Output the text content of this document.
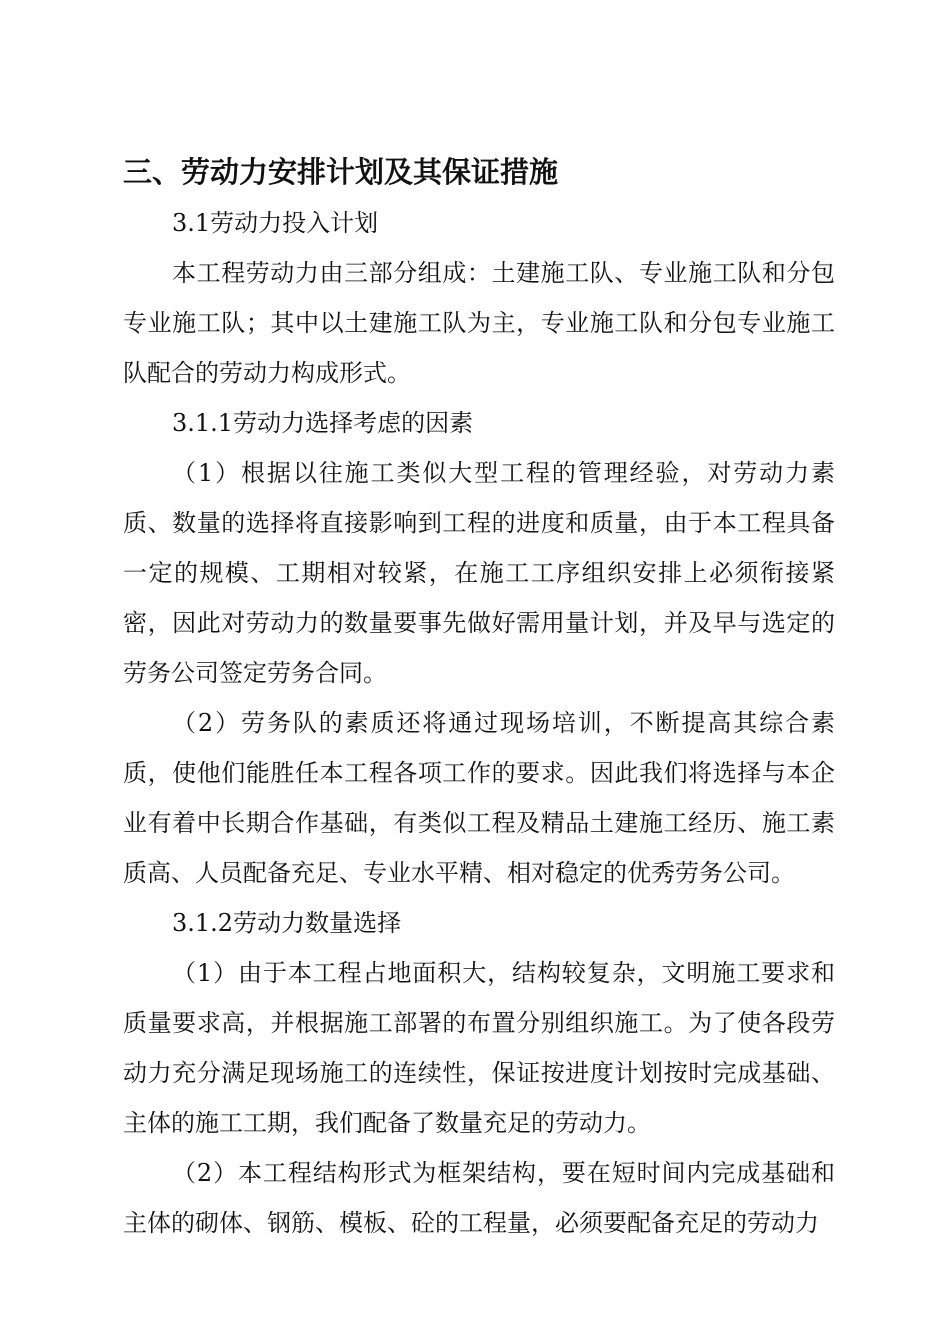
三、劳动力安排计划及其保证措施
3.1劳动力投入计划
本工程劳动力由三部分组成：土建施工队、专业施工队和分包专业施工队；其中以土建施工队为主，专业施工队和分包专业施工队配合的劳动力构成形式。
3.1.1劳动力选择考虑的因素
（1）根据以往施工类似大型工程的管理经验，对劳动力素质、数量的选择将直接影响到工程的进度和质量，由于本工程具备一定的规模、工期相对较紧，在施工工序组织安排上必须衔接紧密，因此对劳动力的数量要事先做好需用量计划，并及早与选定的劳务公司签定劳务合同。
（2）劳务队的素质还将通过现场培训，不断提高其综合素质，使他们能胜任本工程各项工作的要求。因此我们将选择与本企业有着中长期合作基础，有类似工程及精品土建施工经历、施工素质高、人员配备充足、专业水平精、相对稳定的优秀劳务公司。
3.1.2劳动力数量选择
（1）由于本工程占地面积大，结构较复杂，文明施工要求和质量要求高，并根据施工部署的布置分别组织施工。为了使各段劳动力充分满足现场施工的连续性，保证按进度计划按时完成基础、主体的施工工期，我们配备了数量充足的劳动力。
（2）本工程结构形式为框架结构，要在短时间内完成基础和主体的砌体、钢筋、模板、砼的工程量，必须要配备充足的劳动力
